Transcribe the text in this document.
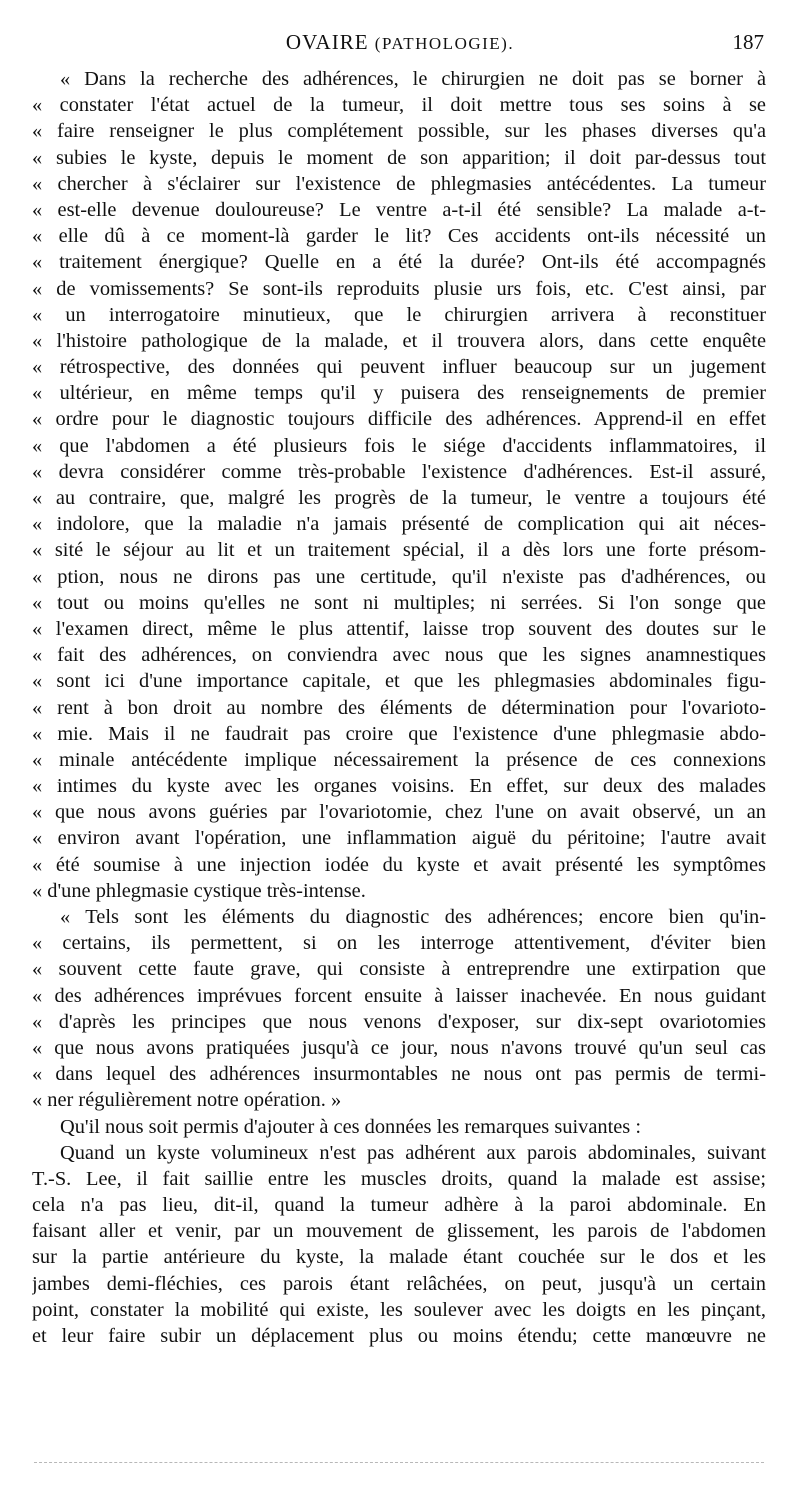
OVAIRE (PATHOLOGIE).	187
« Dans la recherche des adhérences, le chirurgien ne doit pas se borner à
« constater l'état actuel de la tumeur, il doit mettre tous ses soins à se
« faire renseigner le plus complétement possible, sur les phases diverses qu'a
« subies le kyste, depuis le moment de son apparition; il doit par-dessus tout
« chercher à s'éclairer sur l'existence de phlegmasies antécédentes. La tumeur
« est-elle devenue douloureuse? Le ventre a-t-il été sensible? La malade a-t-
« elle dû à ce moment-là garder le lit? Ces accidents ont-ils nécessité un
« traitement énergique? Quelle en a été la durée? Ont-ils été accompagnés
« de vomissements? Se sont-ils reproduits plusie urs fois, etc. C'est ainsi, par
« un interrogatoire minutieux, que le chirurgien arrivera à reconstituer
« l'histoire pathologique de la malade, et il trouvera alors, dans cette enquête
« rétrospective, des données qui peuvent influer beaucoup sur un jugement
« ultérieur, en même temps qu'il y puisera des renseignements de premier
« ordre pour le diagnostic toujours difficile des adhérences. Apprend-il en effet
« que l'abdomen a été plusieurs fois le siége d'accidents inflammatoires, il
« devra considérer comme très-probable l'existence d'adhérences. Est-il assuré,
« au contraire, que, malgré les progrès de la tumeur, le ventre a toujours été
« indolore, que la maladie n'a jamais présenté de complication qui ait néces-
« sité le séjour au lit et un traitement spécial, il a dès lors une forte présom-
« ption, nous ne dirons pas une certitude, qu'il n'existe pas d'adhérences, ou
« tout ou moins qu'elles ne sont ni multiples; ni serrées. Si l'on songe que
« l'examen direct, même le plus attentif, laisse trop souvent des doutes sur le
« fait des adhérences, on conviendra avec nous que les signes anamnestiques
« sont ici d'une importance capitale, et que les phlegmasies abdominales figu-
« rent à bon droit au nombre des éléments de détermination pour l'ovarioto-
« mie. Mais il ne faudrait pas croire que l'existence d'une phlegmasie abdo-
« minale antécédente implique nécessairement la présence de ces connexions
« intimes du kyste avec les organes voisins. En effet, sur deux des malades
« que nous avons guéries par l'ovariotomie, chez l'une on avait observé, un an
« environ avant l'opération, une inflammation aiguë du péritoine; l'autre avait
« été soumise à une injection iodée du kyste et avait présenté les symptômes
« d'une phlegmasie cystique très-intense.
« Tels sont les éléments du diagnostic des adhérences; encore bien qu'in-
« certains, ils permettent, si on les interroge attentivement, d'éviter bien
« souvent cette faute grave, qui consiste à entreprendre une extirpation que
« des adhérences imprévues forcent ensuite à laisser inachevée. En nous guidant
« d'après les principes que nous venons d'exposer, sur dix-sept ovariotomies
« que nous avons pratiquées jusqu'à ce jour, nous n'avons trouvé qu'un seul cas
« dans lequel des adhérences insurmontables ne nous ont pas permis de termi-
« ner régulièrement notre opération. »
Qu'il nous soit permis d'ajouter à ces données les remarques suivantes :
Quand un kyste volumineux n'est pas adhérent aux parois abdominales, suivant
T.-S. Lee, il fait saillie entre les muscles droits, quand la malade est assise;
cela n'a pas lieu, dit-il, quand la tumeur adhère à la paroi abdominale. En
faisant aller et venir, par un mouvement de glissement, les parois de l'abdomen
sur la partie antérieure du kyste, la malade étant couchée sur le dos et les
jambes demi-fléchies, ces parois étant relâchées, on peut, jusqu'à un certain
point, constater la mobilité qui existe, les soulever avec les doigts en les pinçant,
et leur faire subir un déplacement plus ou moins étendu; cette manœuvre ne
